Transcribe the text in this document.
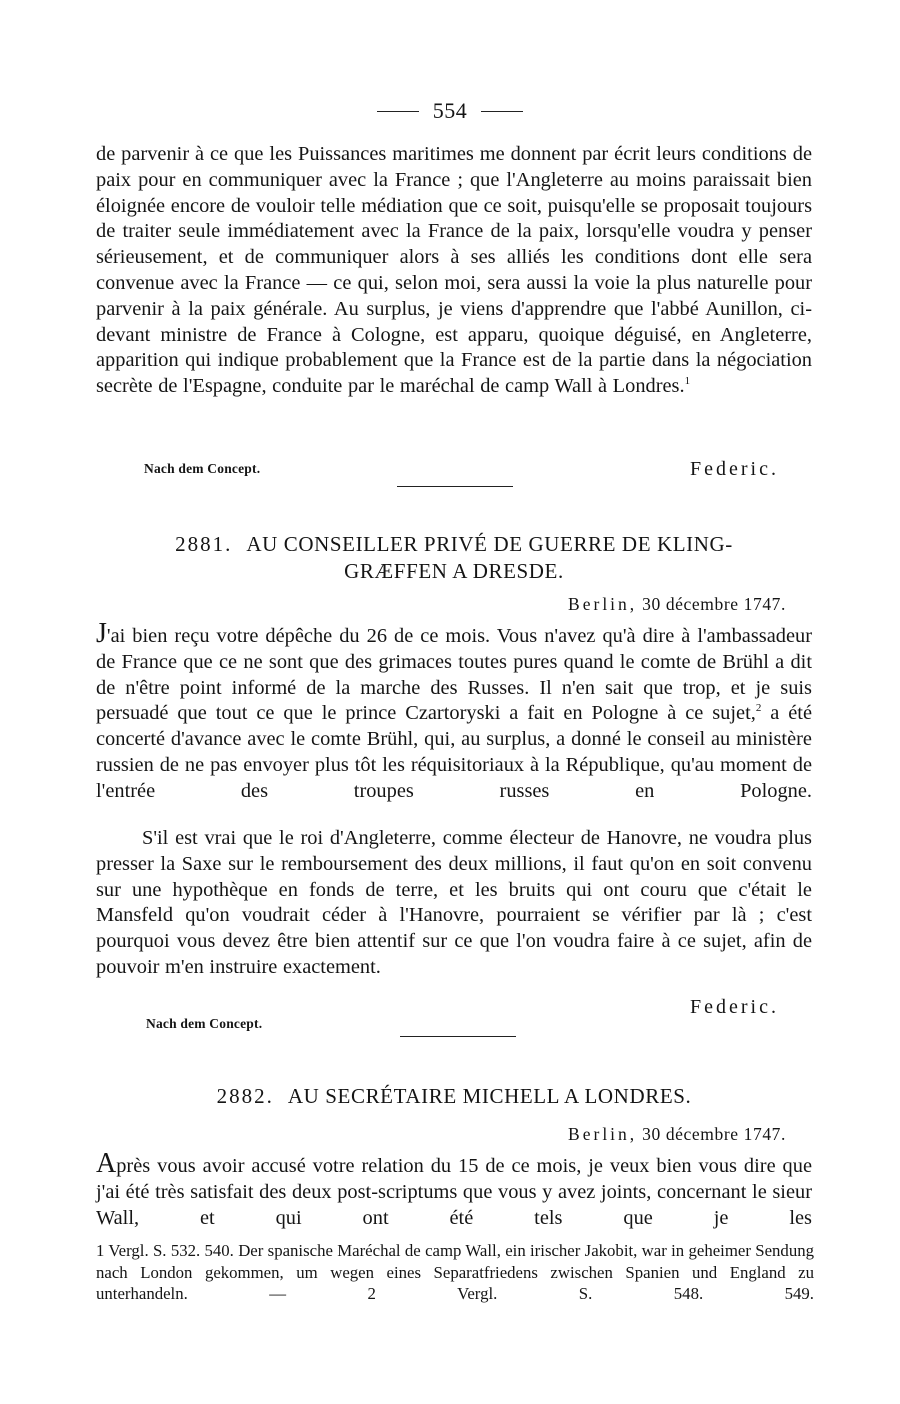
554
de parvenir à ce que les Puissances maritimes me donnent par écrit leurs conditions de paix pour en communiquer avec la France ; que l'Angleterre au moins paraissait bien éloignée encore de vouloir telle médiation que ce soit, puisqu'elle se proposait toujours de traiter seule immédiatement avec la France de la paix, lorsqu'elle voudra y penser sérieusement, et de communiquer alors à ses alliés les conditions dont elle sera convenue avec la France — ce qui, selon moi, sera aussi la voie la plus naturelle pour parvenir à la paix générale. Au surplus, je viens d'apprendre que l'abbé Aunillon, ci-devant ministre de France à Cologne, est apparu, quoique déguisé, en Angleterre, apparition qui indique probablement que la France est de la partie dans la négociation secrète de l'Espagne, conduite par le maréchal de camp Wall à Londres.$^1$
Nach dem Concept.	Federic.
2881. AU CONSEILLER PRIVÉ DE GUERRE DE KLING-
GRÆFFEN A DRESDE.
Berlin, 30 décembre 1747.
J'ai bien reçu votre dépêche du 26 de ce mois. Vous n'avez qu'à dire à l'ambassadeur de France que ce ne sont que des grimaces toutes pures quand le comte de Brühl a dit de n'être point informé de la marche des Russes. Il n'en sait que trop, et je suis persuadé que tout ce que le prince Czartoryski a fait en Pologne à ce sujet,$^2$ a été concerté d'avance avec le comte Brühl, qui, au surplus, a donné le conseil au ministère russien de ne pas envoyer plus tôt les réquisitoriaux à la République, qu'au moment de l'entrée des troupes russes en Pologne.
S'il est vrai que le roi d'Angleterre, comme électeur de Hanovre, ne voudra plus presser la Saxe sur le remboursement des deux millions, il faut qu'on en soit convenu sur une hypothèque en fonds de terre, et les bruits qui ont couru que c'était le Mansfeld qu'on voudrait céder à l'Hanovre, pourraient se vérifier par là ; c'est pourquoi vous devez être bien attentif sur ce que l'on voudra faire à ce sujet, afin de pouvoir m'en instruire exactement.
Nach dem Concept.
Federic.
2882. AU SECRÉTAIRE MICHELL A LONDRES.
Berlin, 30 décembre 1747.
Après vous avoir accusé votre relation du 15 de ce mois, je veux bien vous dire que j'ai été très satisfait des deux post-scriptums que vous y avez joints, concernant le sieur Wall, et qui ont été tels que je les
1 Vergl. S. 532. 540. Der spanische Maréchal de camp Wall, ein irischer Jakobit, war in geheimer Sendung nach London gekommen, um wegen eines Separatfriedens zwischen Spanien und England zu unterhandeln. — 2 Vergl. S. 548. 549.
